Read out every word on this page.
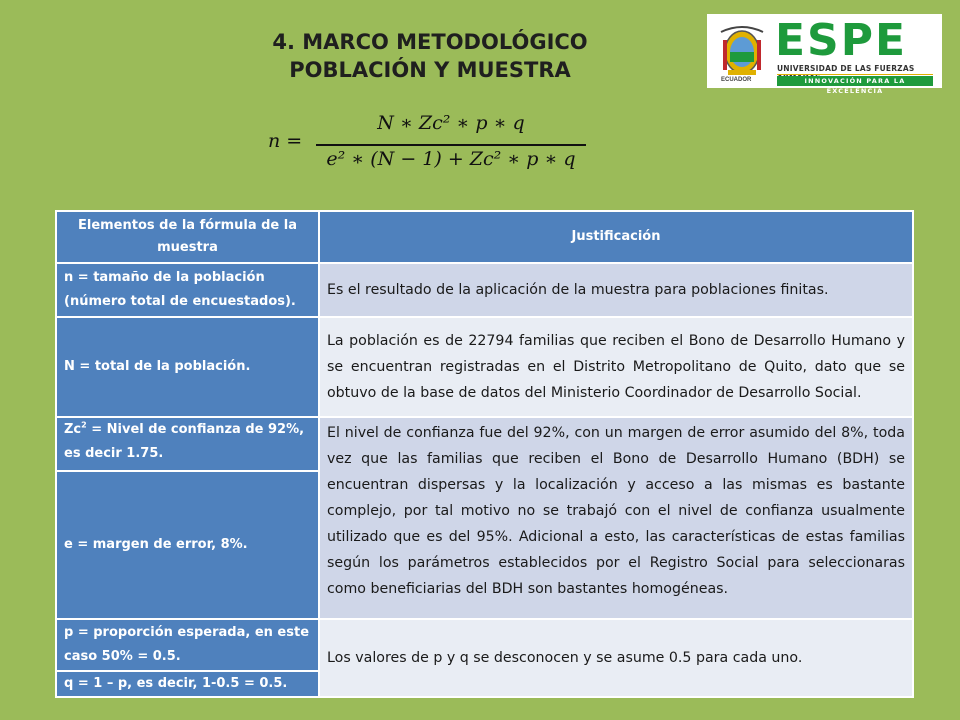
4. MARCO METODOLÓGICO
POBLACIÓN Y MUESTRA	ECUADOR
ESPE
UNIVERSIDAD DE LAS FUERZAS
INNOVACIÓN PARA LA EXCELENCIA
n =
N ∗ Zc² ∗ p ∗ q
e² ∗ (N − 1) + Zc² ∗ p ∗ q
Elementos de la fórmula de la muestra	Justificación
n = tamaño de la población (número total de encuestados).	Es el resultado de la aplicación de la muestra para poblaciones finitas.
N = total de la población.	La población es de 22794 familias que reciben el Bono de Desarrollo Humano y se encuentran registradas en el Distrito Metropolitano de Quito, dato que se obtuvo de la base de datos del Ministerio Coordinador de Desarrollo Social.
$Zc^2$ = Nivel de confianza de 92%, es decir 1.75.	El nivel de confianza fue del 92%, con un margen de error asumido del 8%, toda vez que las familias que reciben el Bono de Desarrollo Humano (BDH) se encuentran dispersas y la localización y acceso a las mismas es bastante complejo, por tal motivo no se trabajó con el nivel de confianza usualmente utilizado que es del 95%. Adicional a esto, las características de estas familias según los parámetros establecidos por el Registro Social para seleccionaras como beneficiarias del BDH son bastantes homogéneas.
e = margen de error, 8%.	
p = proporción esperada, en este caso 50% = 0.5.	Los valores de p y q se desconocen y se asume 0.5 para cada uno.
q = 1 – p, es decir, 1-0.5 = 0.5.	
